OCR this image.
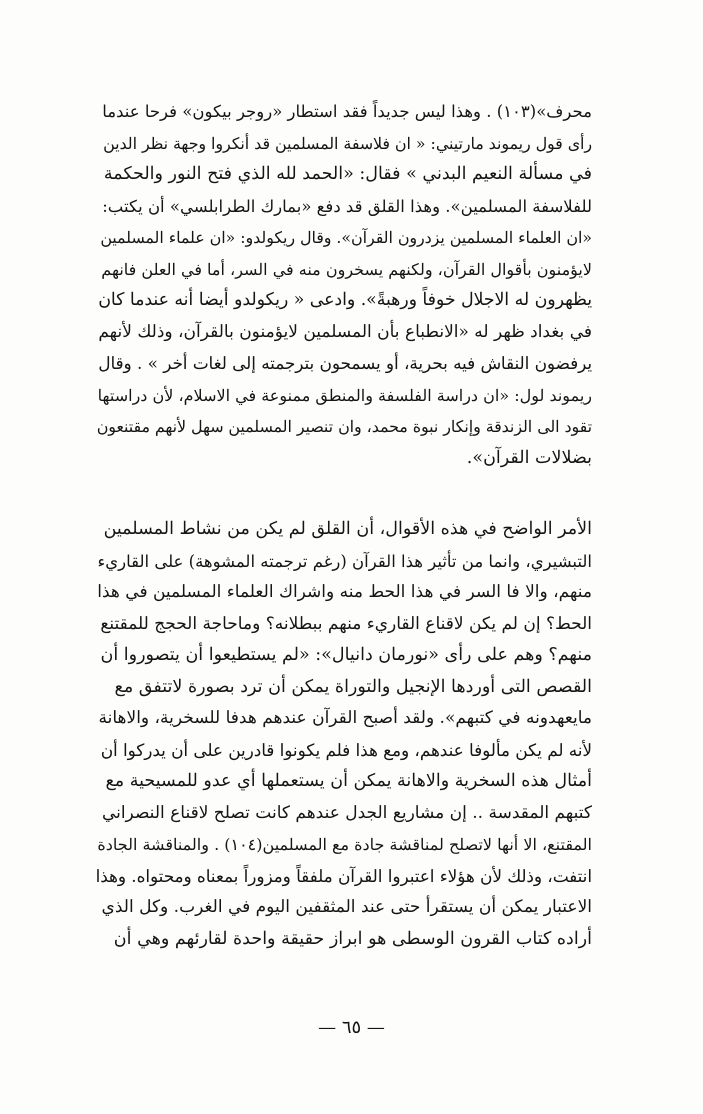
محرف»(١٠٣) . وهذا ليس جديداً فقد استطار «روجر بيكون» فرحا عندما
رأى قول ريموند مارتيني: « ان فلاسفة المسلمين قد أنكروا وجهة نظر الدين
في مسألة النعيم البدني » فقال: «الحمد لله الذي فتح النور والحكمة
للفلاسفة المسلمين». وهذا القلق قد دفع «بمارك الطرابلسي» أن يكتب:
«ان العلماء المسلمين يزدرون القرآن». وقال ريكولدو: «ان علماء المسلمين
لايؤمنون بأقوال القرآن، ولكنهم يسخرون منه في السر، أما في العلن فانهم
يظهرون له الاجلال خوفاً ورهبةً». وادعى « ريكولدو أيضا أنه عندما كان
في بغداد ظهر له «الانطباع بأن المسلمين لايؤمنون بالقرآن، وذلك لأنهم
يرفضون النقاش فيه بحرية، أو يسمحون بترجمته إلى لغات أخر » . وقال
ريموند لول: «ان دراسة الفلسفة والمنطق ممنوعة في الاسلام، لأن دراستها
تقود الى الزندقة وإنكار نبوة محمد، وان تنصير المسلمين سهل لأنهم مقتنعون
بضلالات القرآن».
الأمر الواضح في هذه الأقوال، أن القلق لم يكن من نشاط المسلمين
التبشيري، وانما من تأثير هذا القرآن (رغم ترجمته المشوهة) على القاريء
منهم، والا فا السر في هذا الحط منه واشراك العلماء المسلمين في هذا
الحط؟ إن لم يكن لاقناع القاريء منهم ببطلانه؟ وماحاجة الحجج للمقتنع
منهم؟ وهم على رأى «نورمان دانيال»: «لم يستطيعوا أن يتصوروا أن
القصص التى أوردها الإنجيل والتوراة يمكن أن ترد بصورة لاتتفق مع
مايعهدونه في كتبهم». ولقد أصبح القرآن عندهم هدفا للسخرية، والاهانة
لأنه لم يكن مألوفا عندهم، ومع هذا فلم يكونوا قادرين على أن يدركوا أن
أمثال هذه السخرية والاهانة يمكن أن يستعملها أي عدو للمسيحية مع
كتبهم المقدسة .. إن مشاريع الجدل عندهم كانت تصلح لاقناع النصراني
المقتنع، الا أنها لاتصلح لمناقشة جادة مع المسلمين(١٠٤) . والمناقشة الجادة
انتفت، وذلك لأن هؤلاء اعتبروا القرآن ملفقاً ومزوراً بمعناه ومحتواه. وهذا
الاعتبار يمكن أن يستقرأ حتى عند المثقفين اليوم في الغرب. وكل الذي
أراده كتاب القرون الوسطى هو ابراز حقيقة واحدة لقارئهم وهي أن
— ٦٥ —
